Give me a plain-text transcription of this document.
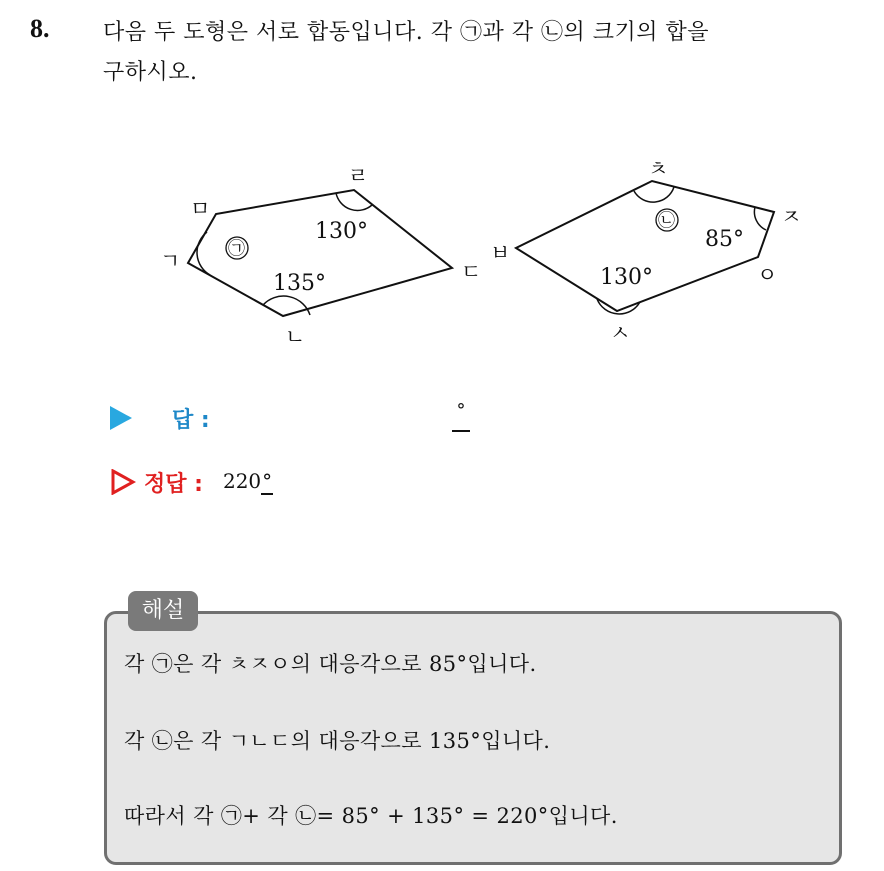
8. 다음 두 도형은 서로 합동입니다. 각 ㉠과 각 ㉡의 크기의 합을
구하시오.
㉠
ㄱ
ㄴ
ㄷ
ㄹ
ㅁ
130°
135°
㉡
ㅂ
ㅅ
ㅇ
ㅈ
ㅊ
85°
130°
답 :	°
정답 : 220°
해설
각 ㉠은 각 ㅊㅈㅇ의 대응각으로 85°입니다.
각 ㉡은 각 ㄱㄴㄷ의 대응각으로 135°입니다.
따라서 각 ㉠+ 각 ㉡= 85° + 135° = 220°입니다.
